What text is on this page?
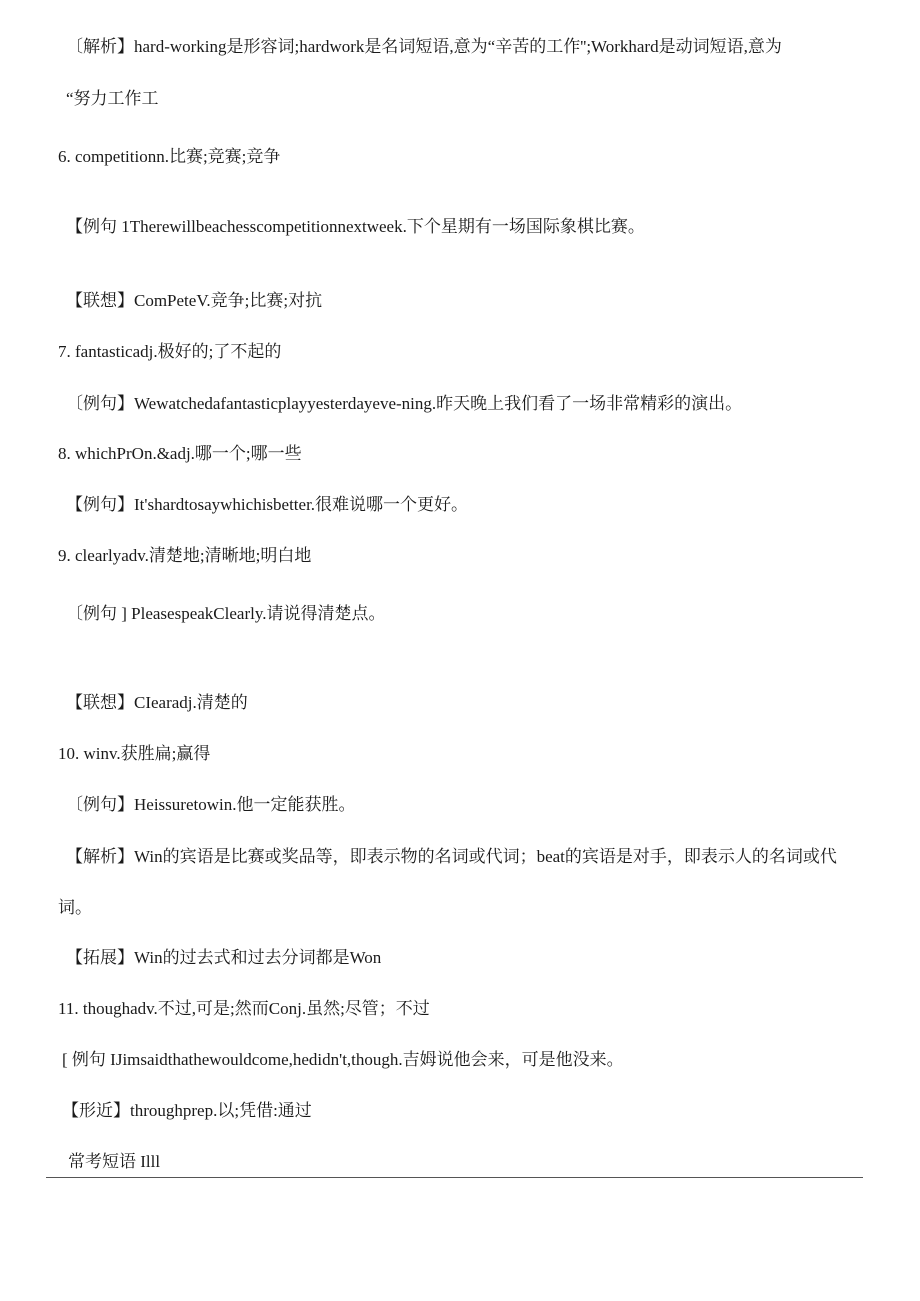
〔解析】hard-working是形容词;hardwork是名词短语,意为“辛苦的工作'';Workhard是动词短语,意为
“努力工作工
6. competitionn.比赛;竞赛;竞争
【例句 1Therewillbeachesscompetitionnextweek.下个星期有一场国际象棋比赛。
【联想】ComPeteV.竞争;比赛;对抗
7. fantasticadj.极好的;了不起的
〔例句】Wewatchedafantasticplayyesterdayeve-ning.昨天晚上我们看了一场非常精彩的演出。
8. whichPrOn.&adj.哪一个;哪一些
【例句】It'shardtosaywhichisbetter.很难说哪一个更好。
9. clearlyadv.清楚地;清晰地;明白地
〔例句 ] PleasespeakClearly.请说得清楚点。
【联想】CIearadj.清楚的
10. winv.获胜扁;赢得
〔例句】Heissuretowin.他一定能获胜。
【解析】Win的宾语是比赛或奖品等，即表示物的名词或代词；beat的宾语是对手，即表示人的名词或代
词。
【拓展】Win的过去式和过去分词都是Won
11. thoughadv.不过,可是;然而Conj.虽然;尽管；不过
[ 例句 IJimsaidthathewouldcome,hedidn't,though.吉姆说他会来，可是他没来。
【形近】throughprep.以;凭借:通过
常考短语 Illl
